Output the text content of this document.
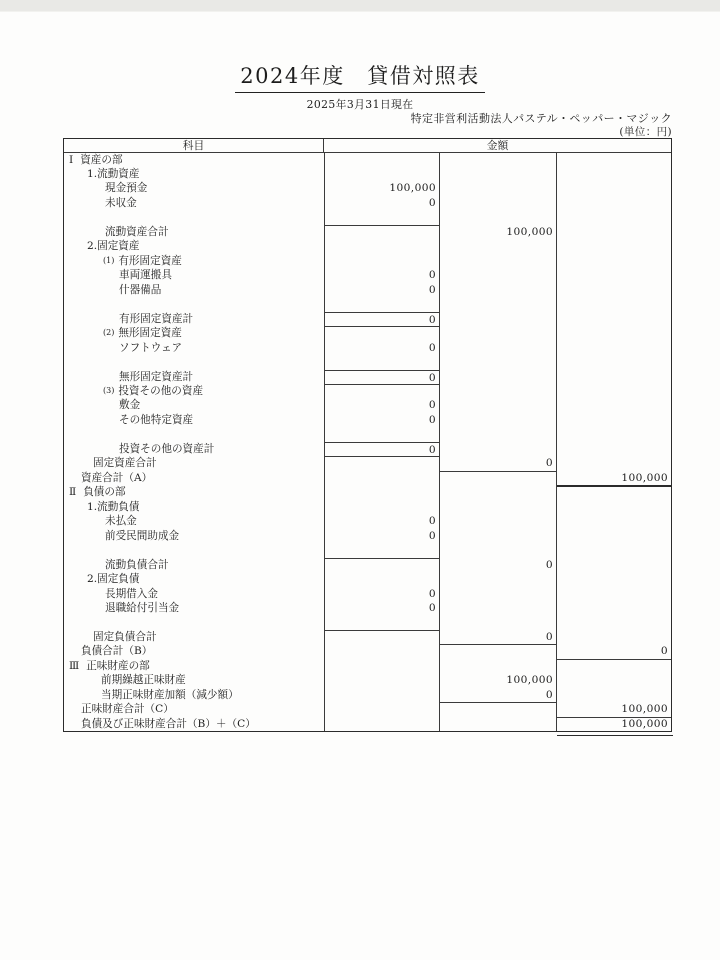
2024年度　貸借対照表
2025年3月31日現在
特定非営利活動法人パステル・ペッパー・マジック
(単位：円)
科目	金額
Ⅰ 資産の部
1.流動資産
現金預金	100,000
未収金	0
流動資産合計	100,000
2.固定資産
(1) 有形固定資産
車両運搬具	0
什器備品	0
有形固定資産計	0
(2) 無形固定資産
ソフトウェア	0
無形固定資産計	0
(3) 投資その他の資産
敷金	0
その他特定資産	0
投資その他の資産計	0
固定資産合計	0
資産合計（A）	100,000
Ⅱ 負債の部
1.流動負債
未払金	0
前受民間助成金	0
流動負債合計	0
2.固定負債
長期借入金	0
退職給付引当金	0
固定負債合計	0
負債合計（B）	0
Ⅲ 正味財産の部
前期繰越正味財産	100,000
当期正味財産加額（減少額）	0
正味財産合計（C）	100,000
負債及び正味財産合計（B）＋（C）	100,000
